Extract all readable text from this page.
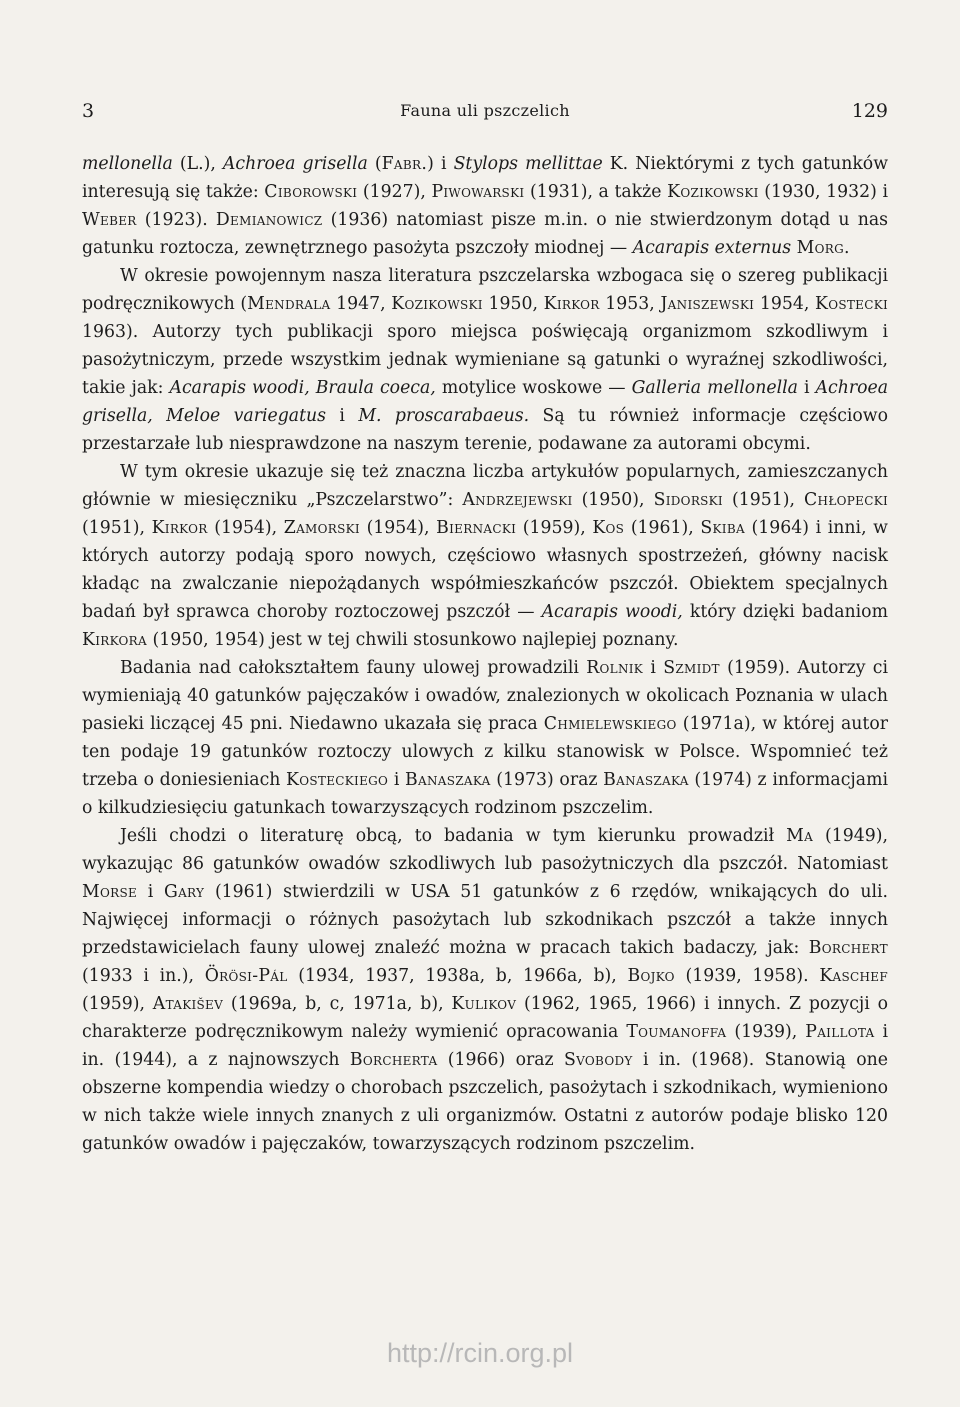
3	Fauna uli pszczelich	129

mellonella (L.), Achroea grisella (Fabr.) i Stylops mellittae K. Niektórymi z tych gatunków interesują się także: Ciborowski (1927), Piwowarski (1931), a także Kozikowski (1930, 1932) i Weber (1923). Demianowicz (1936) natomiast pisze m.in. o nie stwierdzonym dotąd u nas gatunku roztocza, zewnętrznego pasożyta pszczoły miodnej — Acarapis externus Morg.

W okresie powojennym nasza literatura pszczelarska wzbogaca się o szereg publikacji podręcznikowych (Mendrala 1947, Kozikowski 1950, Kirkor 1953, Janiszewski 1954, Kostecki 1963). Autorzy tych publikacji sporo miejsca poświęcają organizmom szkodliwym i pasożytniczym, przede wszystkim jednak wymieniane są gatunki o wyraźnej szkodliwości, takie jak: Acarapis woodi, Braula coeca, motylice woskowe — Galleria mellonella i Achroea grisella, Meloe variegatus i M. proscarabaeus. Są tu również informacje częściowo przestarzałe lub niesprawdzone na naszym terenie, podawane za autorami obcymi.

W tym okresie ukazuje się też znaczna liczba artykułów popularnych, zamieszczanych głównie w miesięczniku „Pszczelarstwo”: Andrzejewski (1950), Sidorski (1951), Chłopecki (1951), Kirkor (1954), Zamorski (1954), Biernacki (1959), Kos (1961), Skiba (1964) i inni, w których autorzy podają sporo nowych, częściowo własnych spostrzeżeń, główny nacisk kładąc na zwalczanie niepożądanych współmieszkańców pszczół. Obiektem specjalnych badań był sprawca choroby roztoczowej pszczół — Acarapis woodi, który dzięki badaniom Kirkora (1950, 1954) jest w tej chwili stosunkowo najlepiej poznany.

Badania nad całokształtem fauny ulowej prowadzili Rolnik i Szmidt (1959). Autorzy ci wymieniają 40 gatunków pajęczaków i owadów, znalezionych w okolicach Poznania w ulach pasieki liczącej 45 pni. Niedawno ukazała się praca Chmielewskiego (1971a), w której autor ten podaje 19 gatunków roztoczy ulowych z kilku stanowisk w Polsce. Wspomnieć też trzeba o doniesieniach Kosteckiego i Banaszaka (1973) oraz Banaszaka (1974) z informacjami o kilkudziesięciu gatunkach towarzyszących rodzinom pszczelim.

Jeśli chodzi o literaturę obcą, to badania w tym kierunku prowadził Ma (1949), wykazując 86 gatunków owadów szkodliwych lub pasożytniczych dla pszczół. Natomiast Morse i Gary (1961) stwierdzili w USA 51 gatunków z 6 rzędów, wnikających do uli. Najwięcej informacji o różnych pasożytach lub szkodnikach pszczół a także innych przedstawicielach fauny ulowej znaleźć można w pracach takich badaczy, jak: Borchert (1933 i in.), Örösi-Pál (1934, 1937, 1938a, b, 1966a, b), Bojko (1939, 1958). Kaschef (1959), Atakišev (1969a, b, c, 1971a, b), Kulikov (1962, 1965, 1966) i innych. Z pozycji o charakterze podręcznikowym należy wymienić opracowania Toumanoffa (1939), Paillota i in. (1944), a z najnowszych Borcherta (1966) oraz Svobody i in. (1968). Stanowią one obszerne kompendia wiedzy o chorobach pszczelich, pasożytach i szkodnikach, wymieniono w nich także wiele innych znanych z uli organizmów. Ostatni z autorów podaje blisko 120 gatunków owadów i pajęczaków, towarzyszących rodzinom pszczelim.

http://rcin.org.pl
